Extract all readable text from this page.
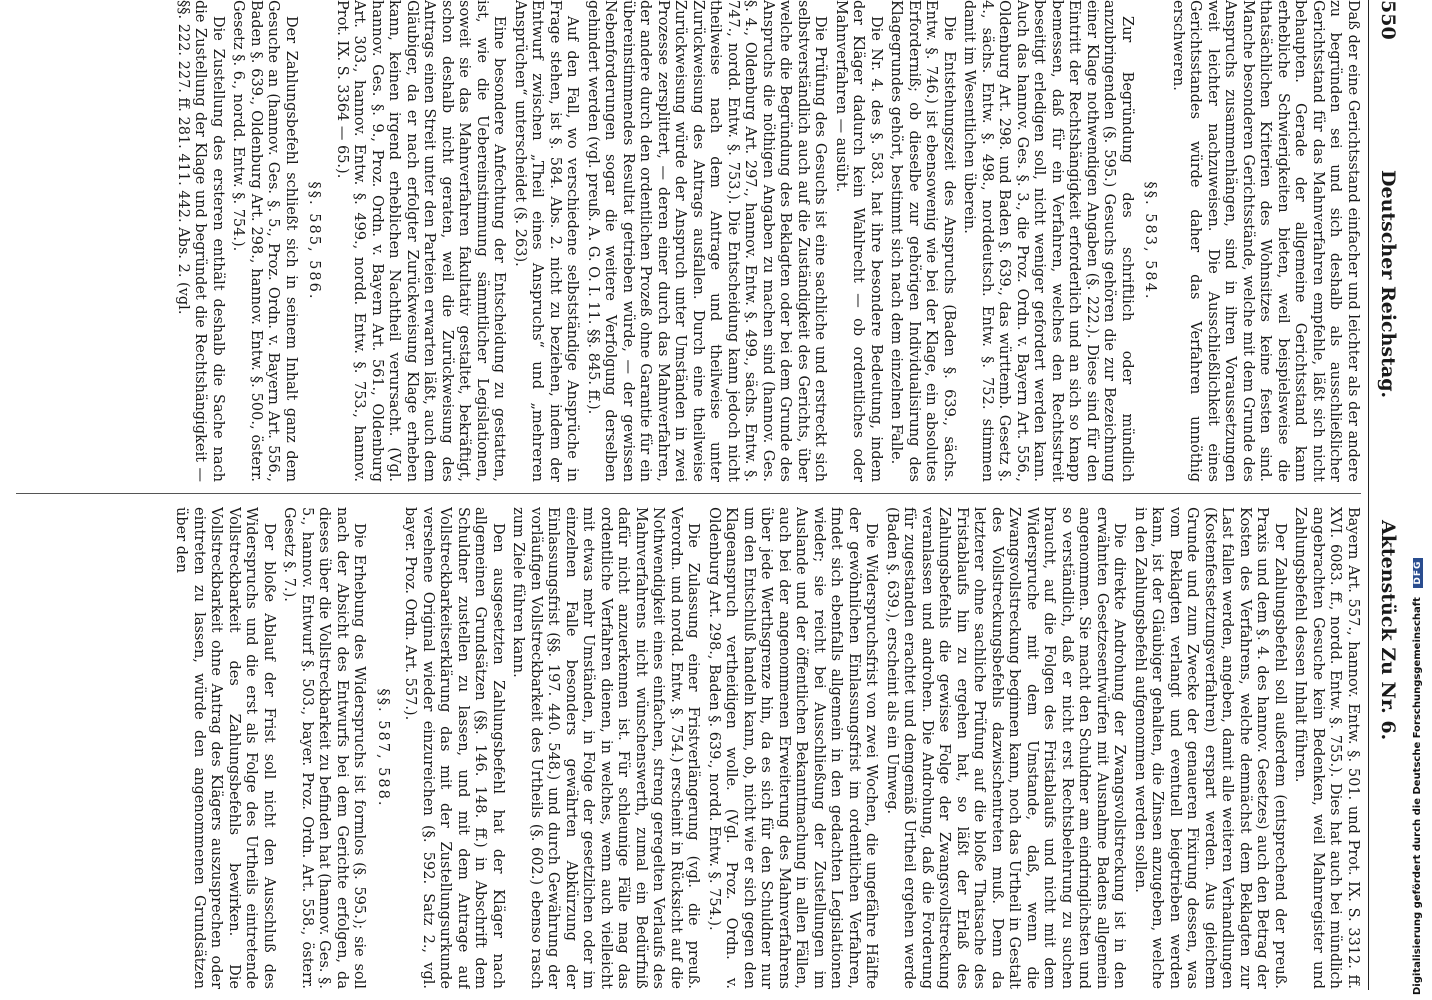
550
Deutscher Reichstag.
Aktenstück Zu Nr. 6.

Daß der eine Gerichtsstand einfacher und leichter als der andere zu begründen sei und sich deshalb als ausschließlicher Gerichtsstand für das Mahnverfahren empfehle, läßt sich nicht behaupten. Gerade der allgemeine Gerichtsstand kann erhebliche Schwierigkeiten bieten, weil beispielsweise die thatsächlichen Kriterien des Wohnsitzes keine festen sind. Manche besonderen Gerichtsstände, welche mit dem Grunde des Anspruchs zusammenhängen, sind in ihren Voraussetzungen weit leichter nachzuweisen. Die Ausschließlichkeit eines Gerichtsstandes würde daher das Verfahren unnöthig erschweren.

§§. 583, 584.

Zur Begründung des schriftlich oder mündlich anzubringenden (§. 595.) Gesuchs gehören die zur Bezeichnung einer Klage nothwendigen Angaben (§. 222.). Diese sind für den Eintritt der Rechtshängigkeit erforderlich und an sich so knapp bemessen, daß für ein Verfahren, welches den Rechtsstreit beseitigt erledigen soll, nicht weniger gefordert werden kann. Auch das hannov. Ges. §. 3., die Proz. Ordn. v. Bayern Art. 556., Oldenburg Art. 298. und Baden §. 639., das württemb. Gesetz §. 4., sächs. Entw. §. 498., norddeutsch. Entw. §. 752. stimmen damit im Wesentlichen überein.

Die Entstehungszeit des Anspruchs (Baden §. 639., sächs. Entw. §. 746.) ist ebensowenig wie bei der Klage, ein absolutes Erforderniß; ob dieselbe zur gehörigen Individualisirung des Klagegrundes gehört, bestimmt sich nach dem einzelnen Falle.

Die Nr. 4. des §. 583. hat ihre besondere Bedeutung, indem der Kläger dadurch kein Wahlrecht — ob ordentliches oder Mahnverfahren — ausübt.

Die Prüfung des Gesuchs ist eine sachliche und erstreckt sich selbstverständlich auch auf die Zuständigkeit des Gerichts, über welche die Begründung des Beklagten oder bei dem Grunde des Anspruchs die nöthigen Angaben zu machen sind (hannov. Ges. §. 4., Oldenburg Art. 297., hannov. Entw. §. 499., sächs. Entw. §. 747., nordd. Entw. §. 753.). Die Entscheidung kann jedoch nicht theilweise nach dem Antrage und theilweise unter Zurückweisung des Antrags ausfallen. Durch eine theilweise Zurückweisung würde der Anspruch unter Umständen in zwei Prozesse zersplittert, — deren einer durch das Mahnverfahren, der andere durch den ordentlichen Prozeß ohne Garantie für ein übereinstimmendes Resultat getrieben würde, — der gewissen Nebenforderungen sogar die weitere Verfolgung derselben gehindert werden (vgl. preuß. A. G. O. I. 11. §§. 845. ff.).

Auf den Fall, wo verschiedene selbstständige Ansprüche in Frage stehen, ist §. 584. Abs. 2. nicht zu beziehen, indem der Entwurf zwischen „Theil eines Anspruchs“ und „mehreren Ansprüchen“ unterscheidet (§. 263).

Eine besondere Anfechtung der Entscheidung zu gestatten, ist, wie die Uebereinstimmung sämmtlicher Legislationen, soweit sie das Mahnverfahren fakultativ gestaltet, bekräftigt, schon deshalb nicht geraten, weil die Zurückweisung des Antrags einen Streit unter den Parteien erwarten läßt, auch dem Gläubiger, da er nach erfolgter Zurückweisung Klage erheben kann, keinen irgend erheblichen Nachtheil verursacht. (Vgl. hannov. Ges. §. 9., Proz. Ordn. v. Bayern Art. 561., Oldenburg Art. 303., hannov. Entw. §. 499., nordd. Entw. §. 753., hannov. Prot. IX. S. 3364 — 65.).

§§. 585, 586.

Der Zahlungsbefehl schließt sich in seinem Inhalt ganz dem Gesuche an (hannov. Ges. §. 5., Proz. Ordn. v. Bayern Art. 556., Baden §. 639., Oldenburg Art. 298., hannov. Entw. §. 500., österr. Gesetz §. 6., nordd. Entw. §. 754.).

Die Zustellung des ersteren enthält deshalb die Sache nach die Zustellung der Klage und begründet die Rechtshängigkeit — §§. 222. 227. ff. 281. 411. 442. Abs. 2. (vgl.

Bayern Art. 557., hannov. Entw. §. 501. und Prot. IX. S. 3312. ff. XVI. 6083. ff., nordd. Entw. §. 755.). Dies hat auch bei mündlich angebrachten Gesuche kein Bedenken, weil Mahnregister und Zahlungsbefehl dessen Inhalt führen.

Der Zahlungsbefehl soll außerdem (entsprechend der preuß. Praxis und dem §. 4. des hannov. Gesetzes) auch den Betrag der Kosten des Verfahrens, welche demnächst dem Beklagten zur Last fallen werden, angeben, damit alle weiteren Verhandlungen (Kostenfestsetzungsverfahren) erspart werden. Aus gleichem Grunde und zum Zwecke der genaueren Fixirung dessen, was vom Beklagten verlangt und eventuell beigetrieben werden kann, ist der Gläubiger gehalten, die Zinsen anzugeben, welche in den Zahlungsbefehl aufgenommen werden sollen.

Die direkte Androhung der Zwangsvollstreckung ist in den erwähnten Gesetzesentwürfen mit Ausnahme Badens allgemein angenommen. Sie macht den Schuldner am eindringlichsten und so verständlich, daß er nicht erst Rechtsbelehrung zu suchen braucht, auf die Folgen des Fristablaufs und nicht mit dem Widerspruche mit dem Umstande, daß, wenn die Zwangsvollstreckung beginnen kann, noch das Urtheil in Gestalt des Vollstreckungsbefehls dazwischentreten muß. Denn da letzterer ohne sachliche Prüfung auf die bloße Thatsache des Fristablaufs hin zu ergehen hat, so läßt der Erlaß des Zahlungsbefehls die gewisse Folge der Zwangsvollstreckung veranlassen und androhen. Die Androhung, daß die Forderung für zugestanden erachtet und demgemäß Urtheil ergehen werde (Baden §. 639.), erscheint als ein Umweg.

Die Widerspruchsfrist von zwei Wochen, die ungefähre Hälfte der gewöhnlichen Einlassungsfrist im ordentlichen Verfahren, findet sich ebenfalls allgemein in den gedachten Legislationen wieder; sie reicht bei Ausschließung der Zustellungen im Auslande und der öffentlichen Bekanntmachung in allen Fällen, auch bei der angenommenen Erweiterung des Mahnverfahrens über jede Werthsgrenze hin, da es sich für den Schuldner nur um den Entschluß handeln kann, ob, nicht wie er sich gegen den Klageanspruch vertheidigen wolle. (Vgl. Proz. Ordn. v. Oldenburg Art. 298., Baden §. 639., nordd. Entw. §. 754.).

Die Zulassung einer Fristverlängerung (vgl. die preuß. Verordn. und nordd. Entw. §. 754.) erscheint in Rücksicht auf die Nothwendigkeit eines einfachen, streng geregelten Verlaufs des Mahnverfahrens nicht wünschenswerth, zumal ein Bedürfniß dafür nicht anzuerkennen ist. Für schleunige Fälle mag das ordentliche Verfahren dienen, in welches, wenn auch vielleicht mit etwas mehr Umständen, in Folge der gesetzlichen oder im einzelnen Falle besonders gewährten Abkürzung der Einlassungsfrist (§§. 197. 440. 548.) und durch Gewährung der vorläufigen Vollstreckbarkeit des Urtheils (§. 602.) ebenso rasch zum Ziele führen kann.

Den ausgesetzten Zahlungsbefehl hat der Kläger nach allgemeinen Grundsätzen (§§. 146. 148. ff.) in Abschrift dem Schuldner zustellen zu lassen, und mit dem Antrage auf Vollstreckbarkeitserklärung das mit der Zustellungsurkunde versehene Original wieder einzureichen (§. 592. Satz 2., vgl. bayer. Proz. Ordn. Art. 557.).

§§. 587, 588.

Die Erhebung des Widerspruchs ist formlos (§. 595.); sie soll nach der Absicht des Entwurfs bei dem Gerichte erfolgen, da dieses über die Vollstreckbarkeit zu befinden hat (hannov. Ges. §. 5., hannov. Entwurf §. 503., bayer. Proz. Ordn. Art. 558., österr. Gesetz §. 7.).

Der bloße Ablauf der Frist soll nicht den Ausschluß des Widerspruchs und die erst als Folge des Urtheils eintretende Vollstreckbarkeit des Zahlungsbefehls bewirken. Die Vollstreckbarkeit ohne Antrag des Klägers auszusprechen oder eintreten zu lassen, würde den angenommenen Grundsätzen über den

Digitalisierung gefördert durch die Deutsche Forschungsgemeinschaft DFG
